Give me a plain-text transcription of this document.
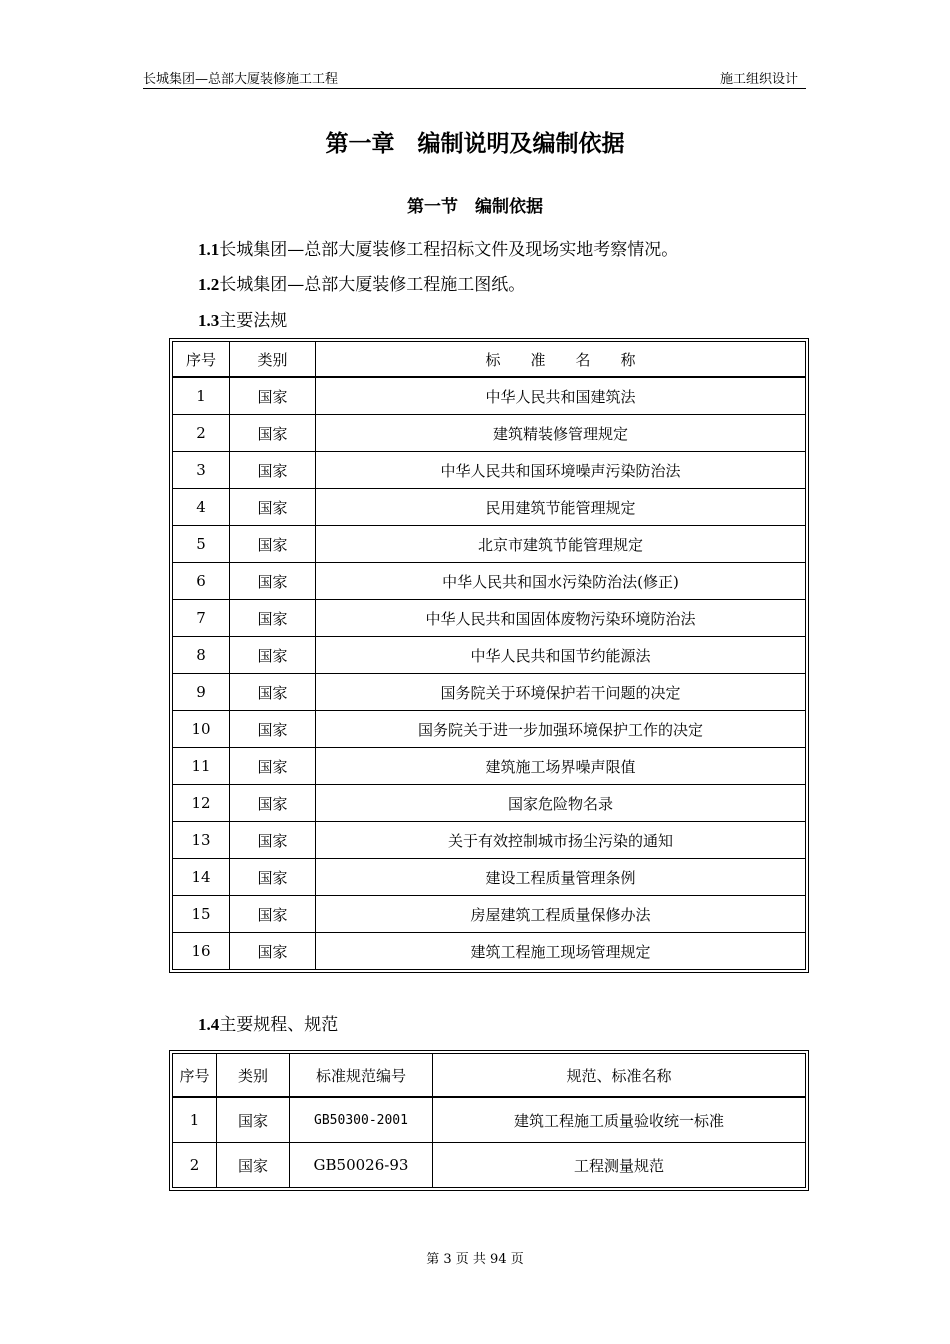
长城集团—总部大厦装修施工工程	施工组织设计
第一章　编制说明及编制依据
第一节　编制依据
1.1长城集团—总部大厦装修工程招标文件及现场实地考察情况。
1.2长城集团—总部大厦装修工程施工图纸。
1.3主要法规
序号	类别	标　　准　　名　　称
1	国家	中华人民共和国建筑法
2	国家	建筑精装修管理规定
3	国家	中华人民共和国环境噪声污染防治法
4	国家	民用建筑节能管理规定
5	国家	北京市建筑节能管理规定
6	国家	中华人民共和国水污染防治法(修正)
7	国家	中华人民共和国固体废物污染环境防治法
8	国家	中华人民共和国节约能源法
9	国家	国务院关于环境保护若干问题的决定
10	国家	国务院关于进一步加强环境保护工作的决定
11	国家	建筑施工场界噪声限值
12	国家	国家危险物名录
13	国家	关于有效控制城市扬尘污染的通知
14	国家	建设工程质量管理条例
15	国家	房屋建筑工程质量保修办法
16	国家	建筑工程施工现场管理规定
1.4主要规程、规范
序号	类别	标准规范编号	规范、标准名称
1	国家	GB50300-2001	建筑工程施工质量验收统一标准
2	国家	GB50026-93	工程测量规范
第 3 页 共 94 页
